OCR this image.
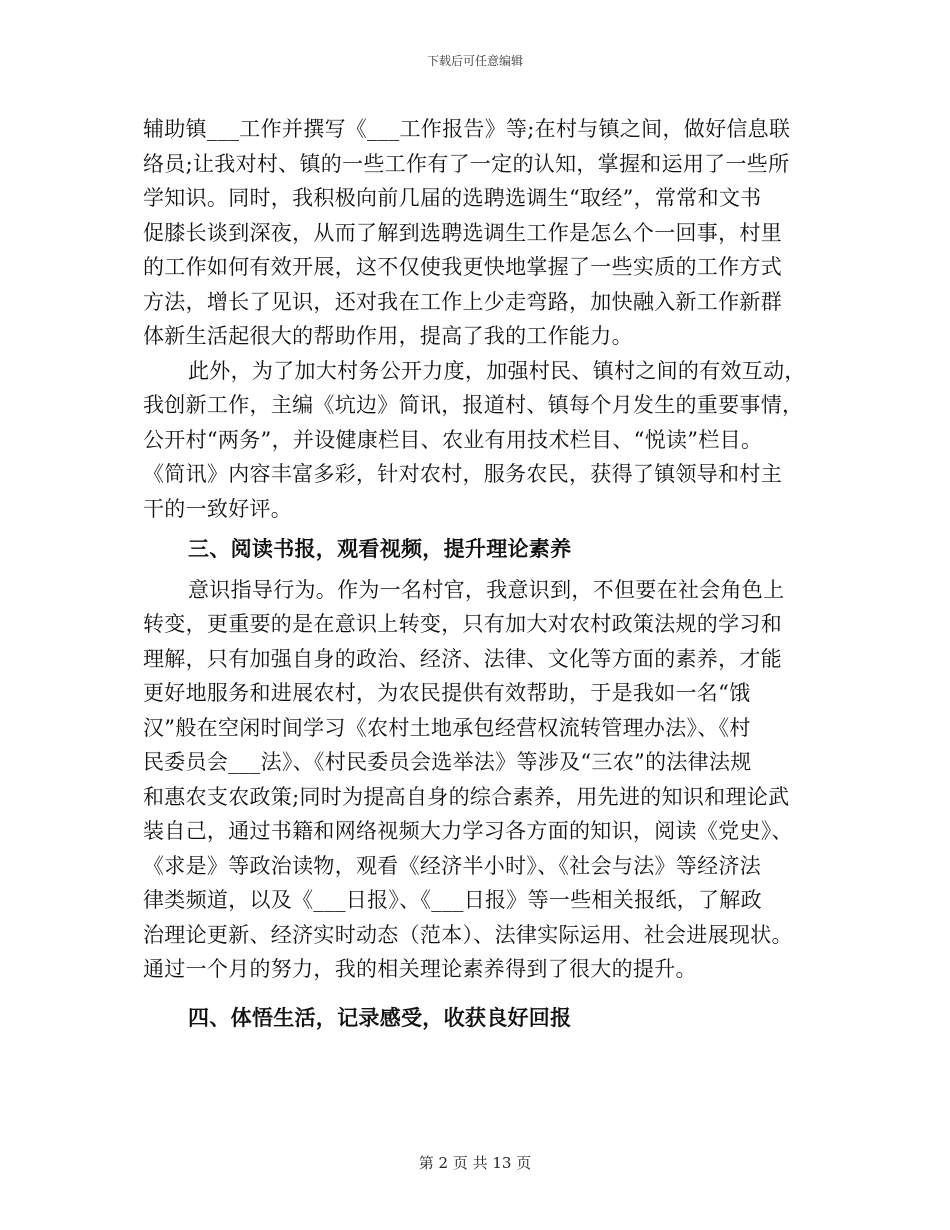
下载后可任意编辑
辅助镇___工作并撰写《___工作报告》等;在村与镇之间，做好信息联
络员;让我对村、镇的一些工作有了一定的认知，掌握和运用了一些所
学知识。同时，我积极向前几届的选聘选调生“取经”，常常和文书
促膝长谈到深夜，从而了解到选聘选调生工作是怎么个一回事，村里
的工作如何有效开展，这不仅使我更快地掌握了一些实质的工作方式
方法，增长了见识，还对我在工作上少走弯路，加快融入新工作新群
体新生活起很大的帮助作用，提高了我的工作能力。
此外，为了加大村务公开力度，加强村民、镇村之间的有效互动，
我创新工作，主编《坑边》简讯，报道村、镇每个月发生的重要事情，
公开村“两务”，并设健康栏目、农业有用技术栏目、“悦读”栏目。
《简讯》内容丰富多彩，针对农村，服务农民，获得了镇领导和村主
干的一致好评。
三、阅读书报，观看视频，提升理论素养
意识指导行为。作为一名村官，我意识到，不但要在社会角色上
转变，更重要的是在意识上转变，只有加大对农村政策法规的学习和
理解，只有加强自身的政治、经济、法律、文化等方面的素养，才能
更好地服务和进展农村，为农民提供有效帮助，于是我如一名“饿
汉”般在空闲时间学习《农村土地承包经营权流转管理办法》、《村
民委员会___法》、《村民委员会选举法》等涉及“三农”的法律法规
和惠农支农政策;同时为提高自身的综合素养，用先进的知识和理论武
装自己，通过书籍和网络视频大力学习各方面的知识，阅读《党史》、
《求是》等政治读物，观看《经济半小时》、《社会与法》等经济法
律类频道，以及《___日报》、《___日报》等一些相关报纸，了解政
治理论更新、经济实时动态（范本）、法律实际运用、社会进展现状。
通过一个月的努力，我的相关理论素养得到了很大的提升。
四、体悟生活，记录感受，收获良好回报
第 2 页 共 13 页
